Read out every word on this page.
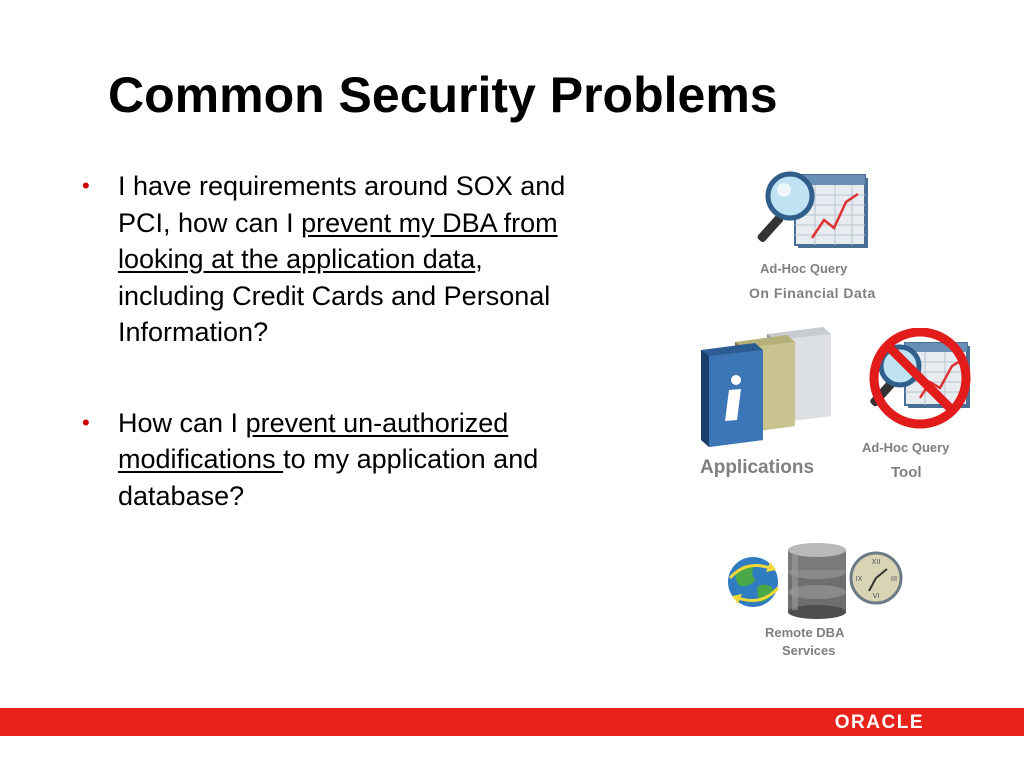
Common Security Problems
• I have requirements around SOX and PCI, how can I prevent my DBA from looking at the application data, including Credit Cards and Personal Information?
• How can I prevent un-authorized modifications to my application and database?
Ad-Hoc Query
On Financial Data
Applications
Ad-Hoc Query
Tool
XII
III
VI
IX
Remote DBA
Services
ORACLE
